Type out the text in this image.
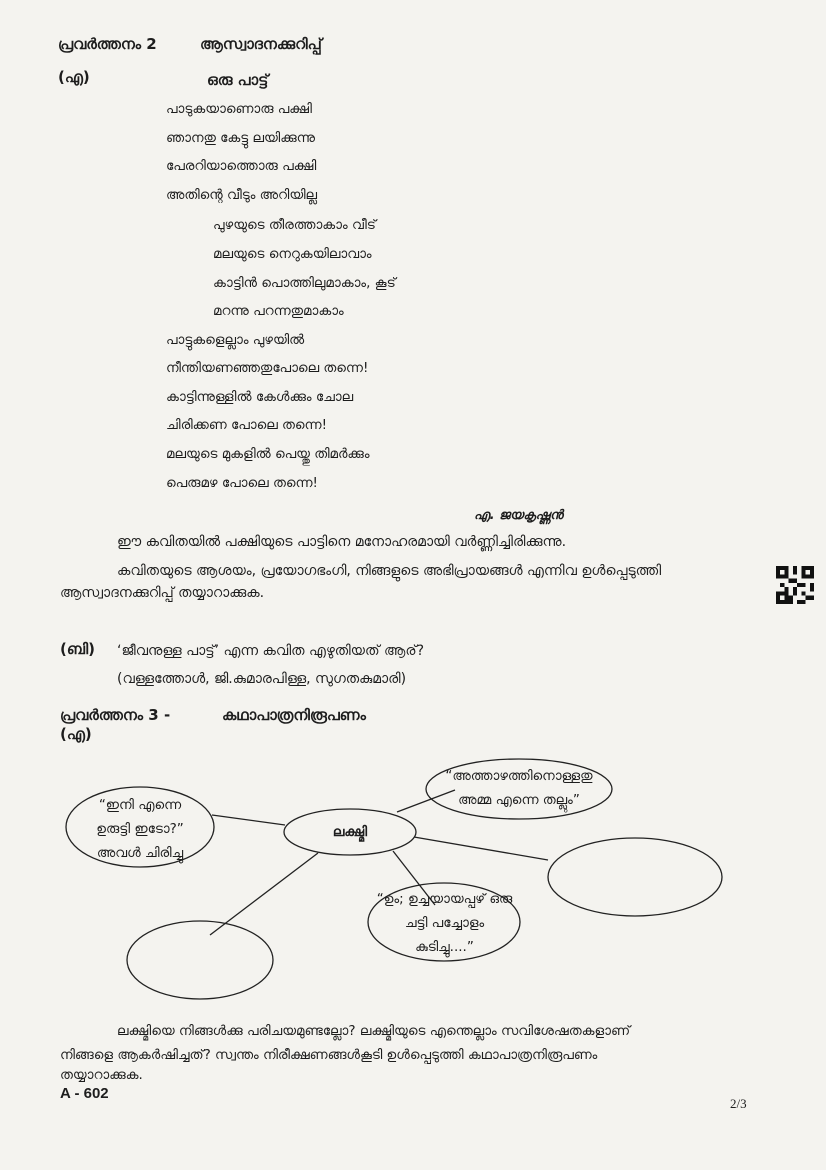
പ്രവർത്തനം 2	ആസ്വാദനക്കുറിപ്പ്
(എ)	ഒരു പാട്ട്
പാടുകയാണൊരു പക്ഷി
ഞാനതു കേട്ടു ലയിക്കുന്നു
പേരറിയാത്തൊരു പക്ഷി
അതിന്റെ വീടും അറിയില്ല
പുഴയുടെ തീരത്താകാം വീട്
മലയുടെ നെറുകയിലാവാം
കാട്ടിൻ പൊത്തിലുമാകാം, കൂട്
മറന്നു പറന്നതുമാകാം
പാട്ടുകളെല്ലാം പുഴയിൽ
നീന്തിയണഞ്ഞതുപോലെ തന്നെ!
കാട്ടിന്നുള്ളിൽ കേൾക്കും ചോല
ചിരിക്കണ പോലെ തന്നെ!
മലയുടെ മുകളിൽ പെയ്തു തിമർക്കും
പെരുമഴ പോലെ തന്നെ!
എ. ജയകൃഷ്ണൻ
ഈ കവിതയിൽ പക്ഷിയുടെ പാട്ടിനെ മനോഹരമായി വർണ്ണിച്ചിരിക്കുന്നു.
കവിതയുടെ ആശയം, പ്രയോഗഭംഗി, നിങ്ങളുടെ അഭിപ്രായങ്ങൾ എന്നിവ ഉൾപ്പെടുത്തി
ആസ്വാദനക്കുറിപ്പ് തയ്യാറാക്കുക.
(ബി) ‘ജീവനുള്ള പാട്ട്’ എന്ന കവിത എഴുതിയത് ആര്?
(വള്ളത്തോൾ, ജി.കുമാരപിള്ള, സുഗതകുമാരി)
പ്രവർത്തനം 3 -	കഥാപാത്രനിരൂപണം
(എ)
ലക്ഷ്മി
“ഇനി എന്നെ
ഉരുട്ടി ഇടോ?”
അവൾ ചിരിച്ചു
“അത്താഴത്തിനൊള്ളതു
അമ്മ എന്നെ തല്ലും”
“ഉം; ഉച്ചയായപ്പഴ് ഒരു
ചട്ടി പച്ചോളം
കുടിച്ചു....”
ലക്ഷ്മിയെ നിങ്ങൾക്കു പരിചയമുണ്ടല്ലോ? ലക്ഷ്മിയുടെ എന്തെല്ലാം സവിശേഷതകളാണ്
നിങ്ങളെ ആകർഷിച്ചത്? സ്വന്തം നിരീക്ഷണങ്ങൾകൂടി ഉൾപ്പെടുത്തി കഥാപാത്രനിരൂപണം
തയ്യാറാക്കുക.
A - 602
2/3
